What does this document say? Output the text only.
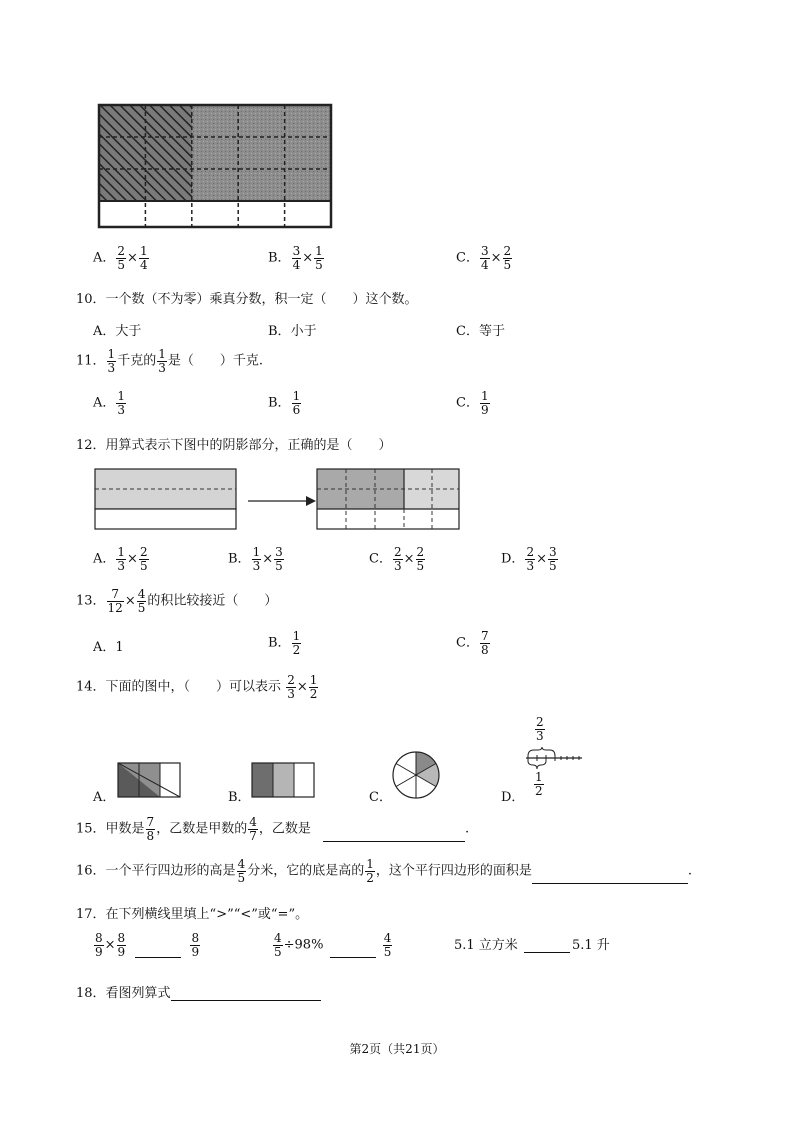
A． $\frac{2}{5} \times \frac{1}{4}$	B． $\frac{3}{4} \times \frac{1}{5}$	C． $\frac{3}{4} \times \frac{2}{5}$
10．一个数（不为零）乘真分数，积一定（　　）这个数。
A．大于	B．小于	C．等于
11． $\frac{1}{3}$ 千克的 $\frac{1}{3}$ 是（　　）千克.
A． $\frac{1}{3}$	B． $\frac{1}{6}$	C． $\frac{1}{9}$
12．用算式表示下图中的阴影部分，正确的是（　　）
A． $\frac{1}{3} \times \frac{2}{5}$	B． $\frac{1}{3} \times \frac{3}{5}$	C． $\frac{2}{3} \times \frac{2}{5}$	D． $\frac{2}{3} \times \frac{3}{5}$
13． $\frac{7}{12} \times \frac{4}{5}$ 的积比较接近（　　）
A．1	B． $\frac{1}{2}$	C． $\frac{7}{8}$
14．下面的图中，（　　）可以表示 $\frac{2}{3} \times \frac{1}{2}$
A．	B．	C．	D．
$\frac{2}{3}$
$\frac{1}{2}$
15．甲数是 $\frac{7}{8}$ ，乙数是甲数的 $\frac{4}{7}$ ，乙数是	.
16．一个平行四边形的高是 $\frac{4}{5}$ 分米，它的底是高的 $\frac{1}{2}$ ，这个平行四边形的面积是	.
17．在下列横线里填上“>”“<”或“=”。
$\frac{8}{9} \times \frac{8}{9}$
	$\frac{8}{9}$	$\frac{4}{5} \div 98\%$	$\frac{4}{5}$	5.1 立方米	5.1 升
18．看图列算式
第2页（共21页）
